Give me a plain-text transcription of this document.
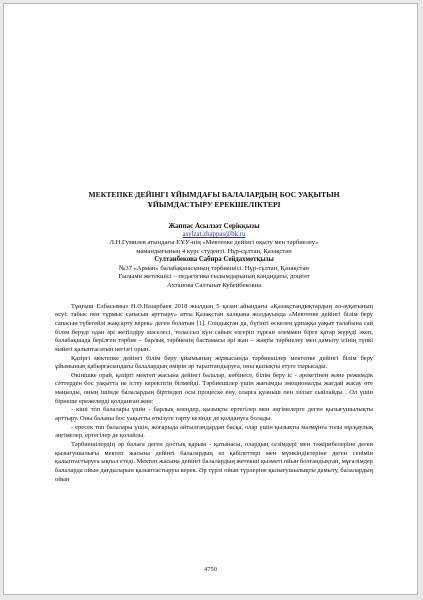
МЕКТЕПКЕ ДЕЙІНГІ ҰЙЫМДАҒЫ БАЛАЛАРДЫҢ БОС УАҚЫТЫН
ҰЙЫМДАСТЫРУ ЕРЕКШЕЛІКТЕРІ

Жаппас Асылзат Серікқызы
asylzat.zhappas@bk.ru

Л.Н.Гумилев атындағы ЕҰУ-нің «Мектепке дейінгі оқыту мен тәрбиелеу»

мамандығының 4 курс студенті. Нұр-сұлтан, Қазақстан

Султанбекова Сабира Сейдахметқызы

№37 «Арман» балабақшасының тәрбиешісі. Нұр-сұлтан, Қазақстан

Ғылыми жетекшісі – педагогика ғылымдарының кандидаты, доцент

Ахтанова Салтанат Кубейбековна

Тұңғыш Елбасымыз Н.Ә.Назарбаев 2018 жылдың 5 қазан айындағы «Қазақстандықтардың әл-ауқатының өсуі: табыс пен тұрмыс сапасын арттыру» атты Қазақстан халқына жолдауында «Мектепке дейінгі білім беру сапасын түбегейлі жақсарту керек» деген болатын [1]. Сондықтан да, бүгінгі өскелең ұрпаққа уақыт талабына сай білім беруді одан әрі жетілдіру мәселесі, толассыз күн сайын өзгеріп тұрған әлеммен бірге қатар жүруді әкеп, балабақшада берілген тәрбие – барлық тәрбиенің бастамасы әрі жан – жақты тәрбиелеу мен дамыту ісінің түпкі мәйегі қалыптасатын негізгі орын.

Қазіргі мектепке дейінгі білім беру ұйымының жұмысында тәрбиешілер мектепке дейінгі білім беру ұйымының қабырғасындағы балалардың өмірін әр тараптандыруға, оны қызықты етуге тырысады.

Өкінішке орай, қазіргі мектеп жасына дейінгі балалар, көбінесе, білім беру іс - әрекетінен және режимдік сәттерден бос уақытта не істеу керектігін білмейді. Тәрбиешілер үшін жағымды эмоционалды жағдай жасау өте маңызды, оның ішінде балалардың біртіндеп осы процеске ену, оларға қуаныш пен ләззат сыйлайды . Ол үшін бірнеше ережелерді қолданған жөн:

- кіші топ балалары үшін - барлық өлеңдер, қызықты ертегілер мен әңгімелерге деген қызығушылықты арттыру. Оны баланы бос уақытты өткізуге тарту кезінде де қолдануға болады.

- ересек топ балалары үшін, жоғарыда айтылғандардан басқа, олар үшін қызықты мазмұнға толы нұсқаулық әңгімелер, ертегілер де қолайлы.

Тәрбиешілердің әр балаға деген достық қарым - қатынасы, олардың сезімдері мен тәжірибелеріне деген қызығушылығы мектеп жасына дейінгі балалардың өз қабілеттері мен мүмкіндіктеріне деген сенімін қалыптастыруға ықпал етеді. Мектеп жасына дейінгі балалардың жетекші қызметі ойын болғандықтан, мұғалімдер балаларда ойын дағдыларын қалыптастыруы керек. Әр түрлі ойын түрлеріне қызығушылықты дамыту, балалардың ойын

4750
